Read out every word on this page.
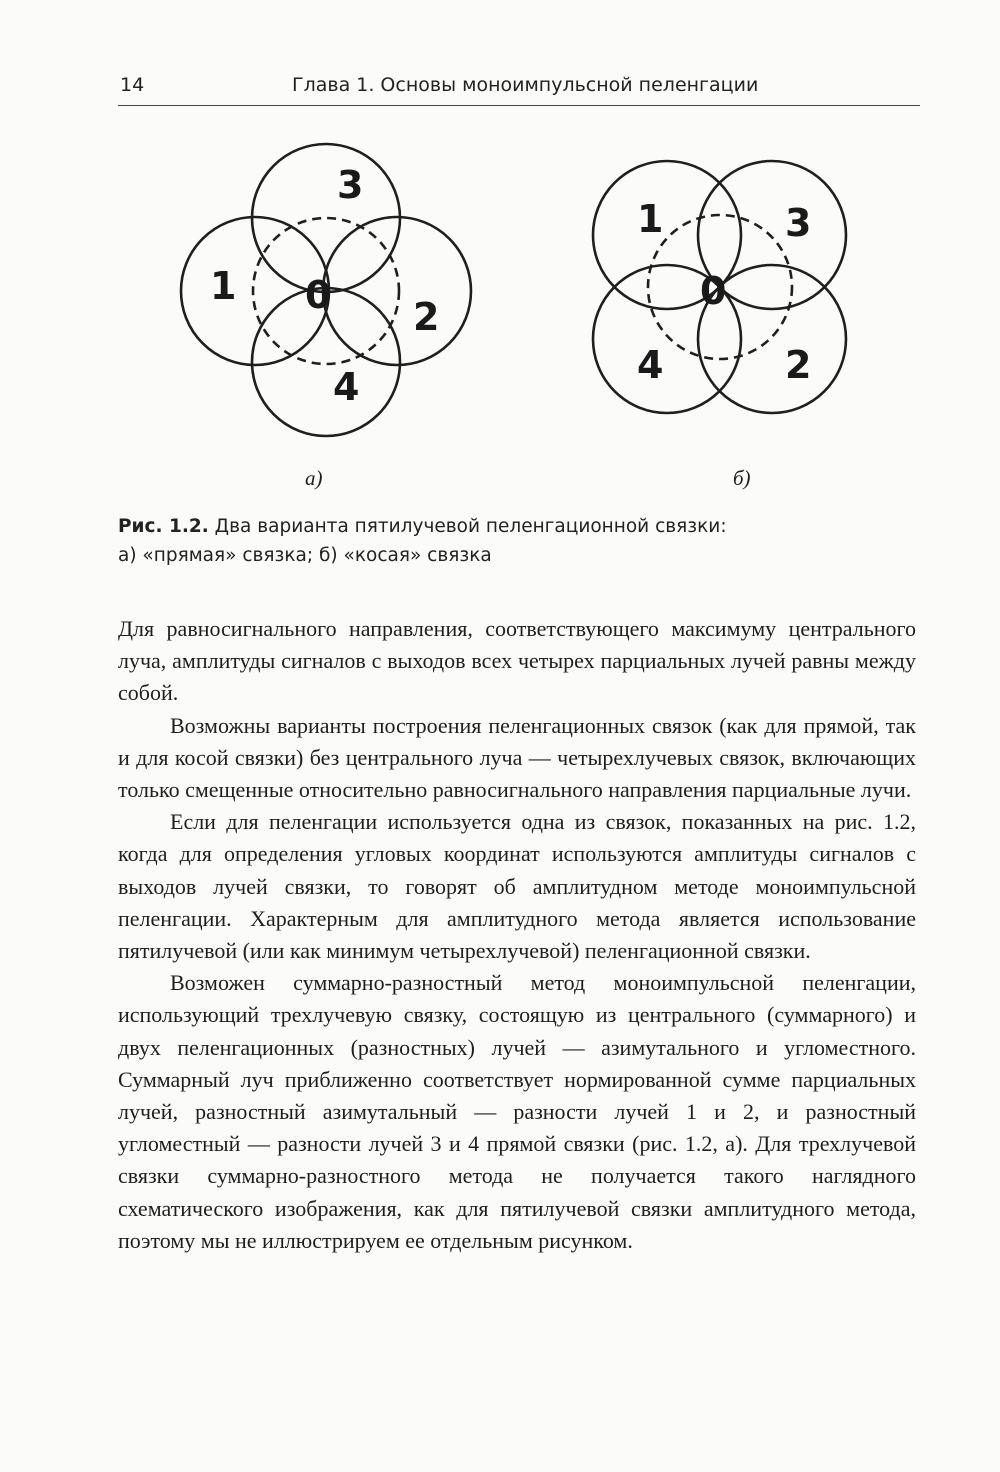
14	Глава 1. Основы моноимпульсной пеленгации
3
1 0 2
4
1	3
0
4	2
а)	б)
Рис. 1.2. Два варианта пятилучевой пеленгационной связки:
а) «прямая» связка; б) «косая» связка

Для равносигнального направления, соответствующего максимуму центрального луча, амплитуды сигналов с выходов всех четырех парциальных лучей равны между собой.

Возможны варианты построения пеленгационных связок (как для прямой, так и для косой связки) без центрального луча — четырехлучевых связок, включающих только смещенные относительно равносигнального направления парциальные лучи.

Если для пеленгации используется одна из связок, показанных на рис. 1.2, когда для определения угловых координат используются амплитуды сигналов с выходов лучей связки, то говорят об амплитудном методе моноимпульсной пеленгации. Характерным для амплитудного метода является использование пятилучевой (или как минимум четырехлучевой) пеленгационной связки.

Возможен суммарно-разностный метод моноимпульсной пеленгации, использующий трехлучевую связку, состоящую из центрального (суммарного) и двух пеленгационных (разностных) лучей — азимутального и угломестного. Суммарный луч приближенно соответствует нормированной сумме парциальных лучей, разностный азимутальный — разности лучей 1 и 2, и разностный угломестный — разности лучей 3 и 4 прямой связки (рис. 1.2, а). Для трехлучевой связки суммарно-разностного метода не получается такого наглядного схематического изображения, как для пятилучевой связки амплитудного метода, поэтому мы не иллюстрируем ее отдельным рисунком.
